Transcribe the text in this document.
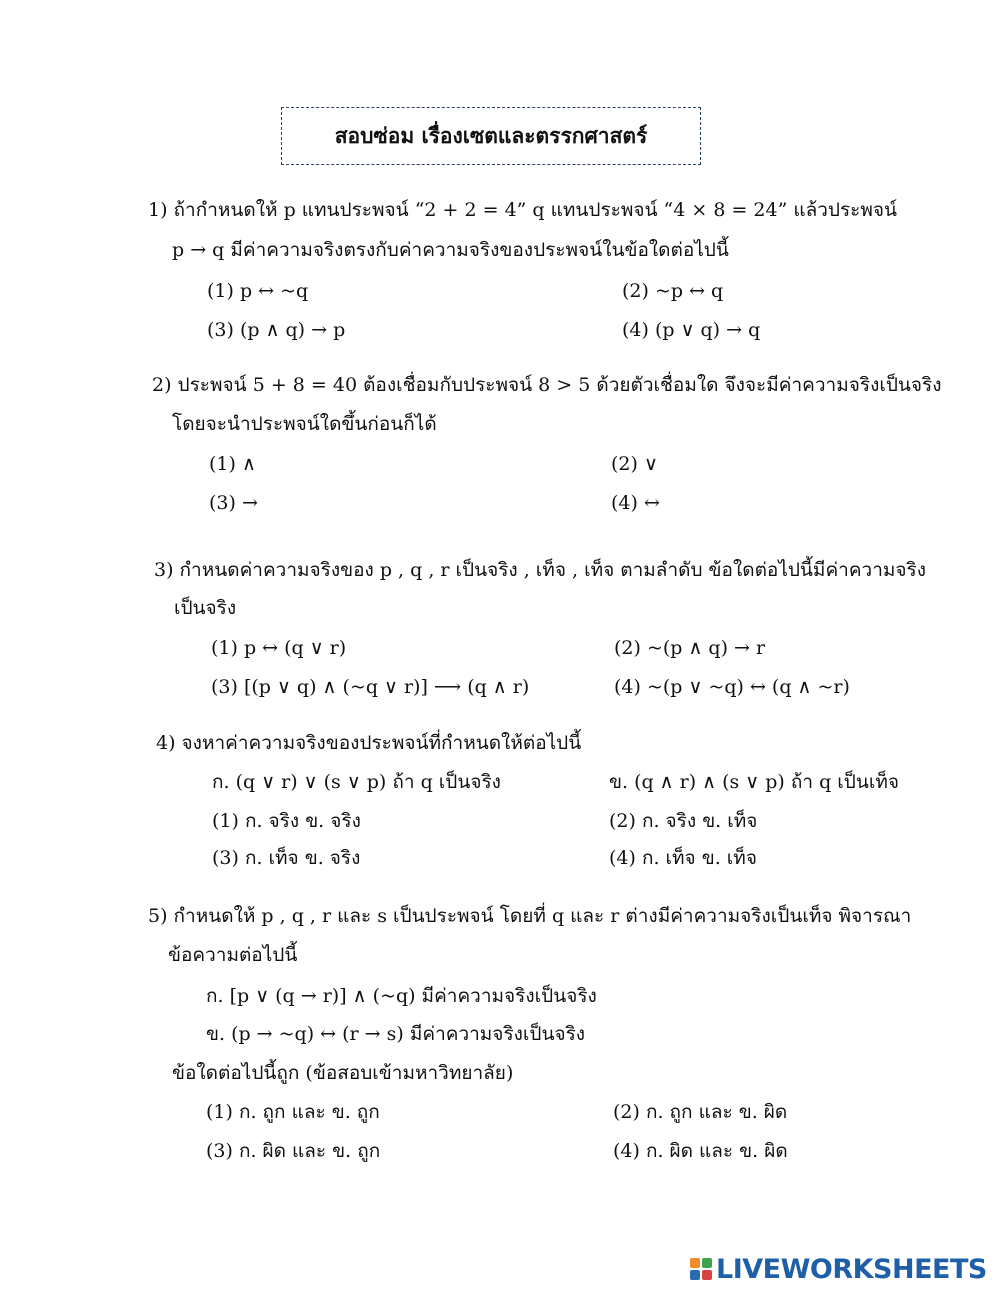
สอบซ่อม เรื่องเซตและตรรกศาสตร์
1) ถ้ากำหนดให้ p แทนประพจน์ “2 + 2 = 4” q แทนประพจน์ “4 × 8 = 24” แล้วประพจน์
p → q มีค่าความจริงตรงกับค่าความจริงของประพจน์ในข้อใดต่อไปนี้
(1) p ↔ ~q	(2) ~p ↔ q
(3) (p ∧ q) → p	(4) (p ∨ q) → q
2) ประพจน์ 5 + 8 = 40 ต้องเชื่อมกับประพจน์ 8 > 5 ด้วยตัวเชื่อมใด จึงจะมีค่าความจริงเป็นจริง
โดยจะนำประพจน์ใดขึ้นก่อนก็ได้
(1) ∧	(2) ∨
(3) →	(4) ↔
3) กำหนดค่าความจริงของ p , q , r เป็นจริง , เท็จ , เท็จ ตามลำดับ ข้อใดต่อไปนี้มีค่าความจริง
เป็นจริง
(1) p ↔ (q ∨ r)	(2) ~(p ∧ q) → r
(3) [(p ∨ q) ∧ (~q ∨ r)] ⟶ (q ∧ r)	(4) ~(p ∨ ~q) ↔ (q ∧ ~r)
4) จงหาค่าความจริงของประพจน์ที่กำหนดให้ต่อไปนี้
ก. (q ∨ r) ∨ (s ∨ p) ถ้า q เป็นจริง	ข. (q ∧ r) ∧ (s ∨ p) ถ้า q เป็นเท็จ
(1) ก. จริง ข. จริง	(2) ก. จริง ข. เท็จ
(3) ก. เท็จ ข. จริง	(4) ก. เท็จ ข. เท็จ
5) กำหนดให้ p , q , r และ s เป็นประพจน์ โดยที่ q และ r ต่างมีค่าความจริงเป็นเท็จ พิจารณา
ข้อความต่อไปนี้
ก. [p ∨ (q → r)] ∧ (~q) มีค่าความจริงเป็นจริง
ข. (p → ~q) ↔ (r → s) มีค่าความจริงเป็นจริง
ข้อใดต่อไปนี้ถูก (ข้อสอบเข้ามหาวิทยาลัย)
(1) ก. ถูก และ ข. ถูก	(2) ก. ถูก และ ข. ผิด
(3) ก. ผิด และ ข. ถูก	(4) ก. ผิด และ ข. ผิด
LIVEWORKSHEETS
